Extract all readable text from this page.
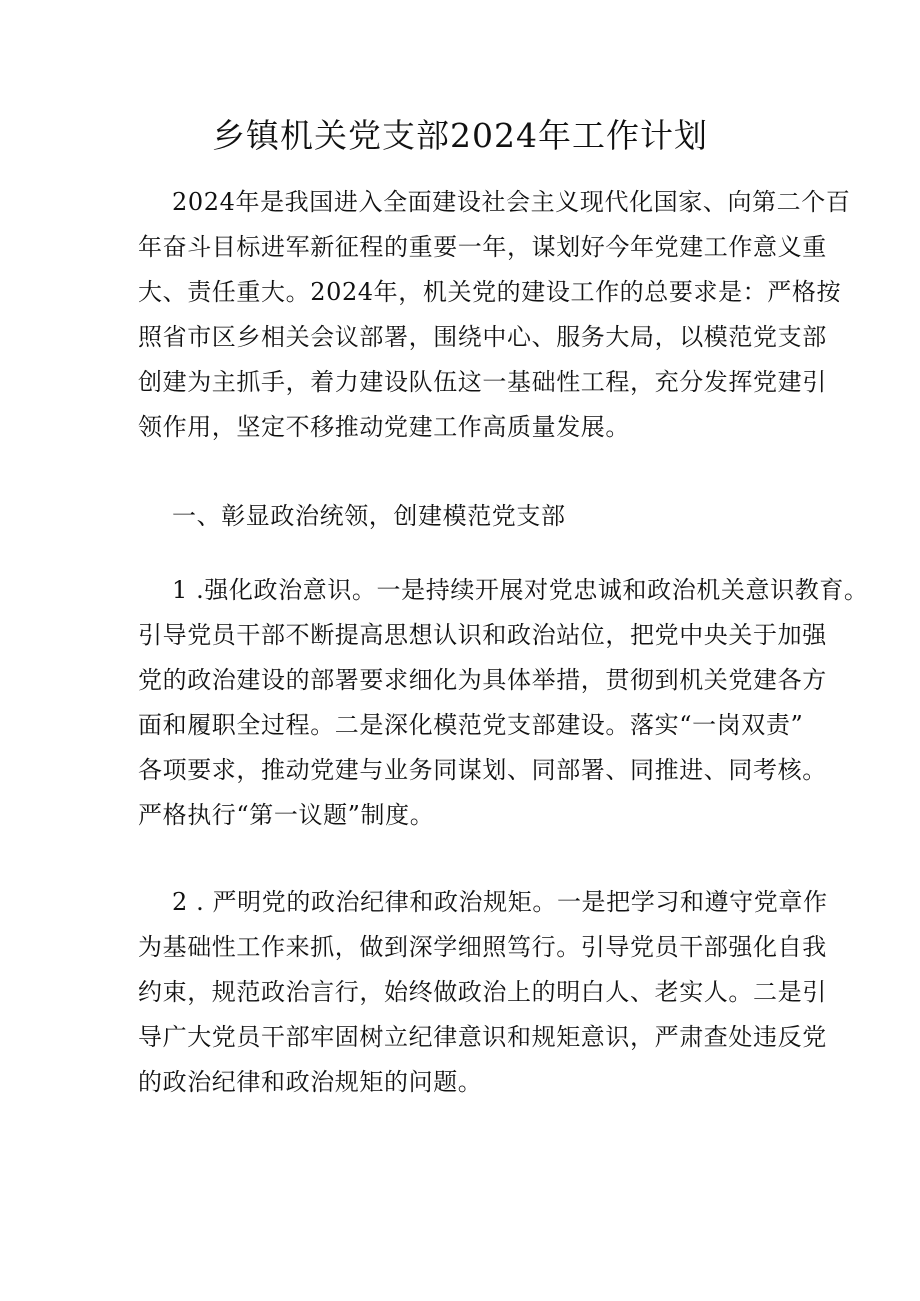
乡镇机关党支部2024年工作计划
2024年是我国进入全面建设社会主义现代化国家、向第二个百
年奋斗目标进军新征程的重要一年，谋划好今年党建工作意义重
大、责任重大。2024年，机关党的建设工作的总要求是：严格按
照省市区乡相关会议部署，围绕中心、服务大局，以模范党支部
创建为主抓手，着力建设队伍这一基础性工程，充分发挥党建引
领作用，坚定不移推动党建工作高质量发展。
一、彰显政治统领，创建模范党支部
1 .强化政治意识。一是持续开展对党忠诚和政治机关意识教育。
引导党员干部不断提高思想认识和政治站位，把党中央关于加强
党的政治建设的部署要求细化为具体举措，贯彻到机关党建各方
面和履职全过程。二是深化模范党支部建设。落实“一岗双责”
各项要求，推动党建与业务同谋划、同部署、同推进、同考核。
严格执行“第一议题”制度。
2 . 严明党的政治纪律和政治规矩。一是把学习和遵守党章作
为基础性工作来抓，做到深学细照笃行。引导党员干部强化自我
约束，规范政治言行，始终做政治上的明白人、老实人。二是引
导广大党员干部牢固树立纪律意识和规矩意识，严肃查处违反党
的政治纪律和政治规矩的问题。
